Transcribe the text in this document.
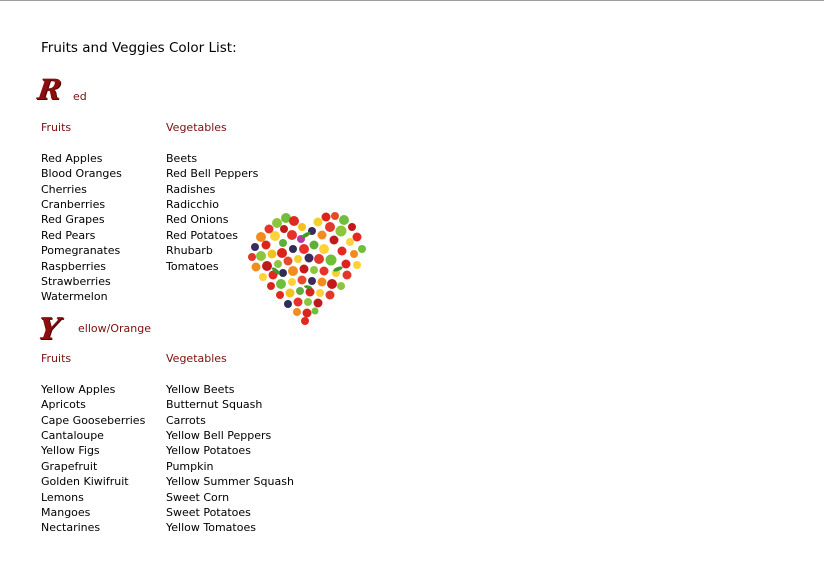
Fruits and Veggies Color List:
R ed
Fruits
Red Apples
Blood Oranges
Cherries
Cranberries
Red Grapes
Red Pears
Pomegranates
Raspberries
Strawberries
Watermelon
Vegetables
Beets
Red Bell Peppers
Radishes
Radicchio
Red Onions
Red Potatoes
Rhubarb
Tomatoes
Y ellow/Orange
Fruits
Yellow Apples
Apricots
Cape Gooseberries
Cantaloupe
Yellow Figs
Grapefruit
Golden Kiwifruit
Lemons
Mangoes
Nectarines
Vegetables
Yellow Beets
Butternut Squash
Carrots
Yellow Bell Peppers
Yellow Potatoes
Pumpkin
Yellow Summer Squash
Sweet Corn
Sweet Potatoes
Yellow Tomatoes
